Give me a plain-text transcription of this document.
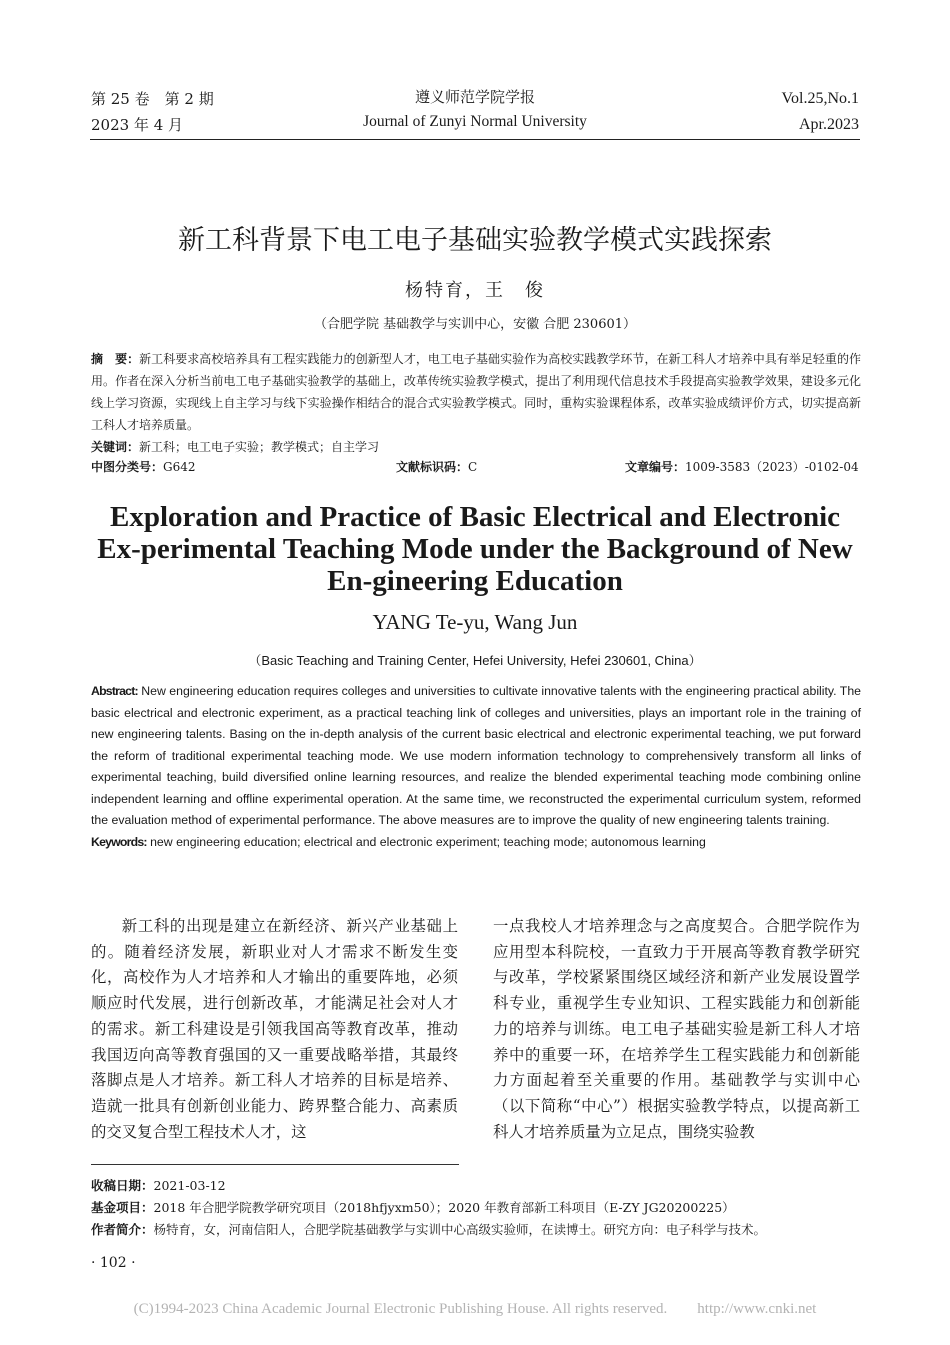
第 25 卷　第 2 期
2023 年 4 月
遵义师范学院学报
Journal of Zunyi Normal University
Vol.25,No.1
Apr.2023
新工科背景下电工电子基础实验教学模式实践探索
杨特育，王　俊
（合肥学院 基础教学与实训中心，安徽 合肥 230601）
摘　要：新工科要求高校培养具有工程实践能力的创新型人才，电工电子基础实验作为高校实践教学环节，在新工科人才培养中具有举足轻重的作用。作者在深入分析当前电工电子基础实验教学的基础上，改革传统实验教学模式，提出了利用现代信息技术手段提高实验教学效果，建设多元化线上学习资源，实现线上自主学习与线下实验操作相结合的混合式实验教学模式。同时，重构实验课程体系，改革实验成绩评价方式，切实提高新工科人才培养质量。
关键词：新工科；电工电子实验；教学模式；自主学习
中图分类号：G642	文献标识码：C	文章编号：1009-3583（2023）-0102-04
Exploration and Practice of Basic Electrical and Electronic Ex-perimental Teaching Mode under the Background of New En-gineering Education
YANG Te-yu, Wang Jun
（Basic Teaching and Training Center, Hefei University, Hefei 230601, China）
Abstract: New engineering education requires colleges and universities to cultivate innovative talents with the engineering practical ability. The basic electrical and electronic experiment, as a practical teaching link of colleges and universities, plays an important role in the training of new engineering talents. Basing on the in-depth analysis of the current basic electrical and electronic experimental teaching, we put forward the reform of traditional experimental teaching mode. We use modern information technology to comprehensively transform all links of experimental teaching, build diversified online learning resources, and realize the blended experimental teaching mode combining online independent learning and offline experimental operation. At the same time, we reconstructed the experimental curriculum system, reformed the evaluation method of experimental performance. The above measures are to improve the quality of new engineering talents training.
Keywords: new engineering education; electrical and electronic experiment; teaching mode; autonomous learning
新工科的出现是建立在新经济、新兴产业基础上的。随着经济发展，新职业对人才需求不断发生变化，高校作为人才培养和人才输出的重要阵地，必须顺应时代发展，进行创新改革，才能满足社会对人才的需求。新工科建设是引领我国高等教育改革，推动我国迈向高等教育强国的又一重要战略举措，其最终落脚点是人才培养。新工科人才培养的目标是培养、造就一批具有创新创业能力、跨界整合能力、高素质的交叉复合型工程技术人才，这
一点我校人才培养理念与之高度契合。合肥学院作为应用型本科院校，一直致力于开展高等教育教学研究与改革，学校紧紧围绕区域经济和新产业发展设置学科专业，重视学生专业知识、工程实践能力和创新能力的培养与训练。电工电子基础实验是新工科人才培养中的重要一环，在培养学生工程实践能力和创新能力方面起着至关重要的作用。基础教学与实训中心（以下简称“中心”）根据实验教学特点，以提高新工科人才培养质量为立足点，围绕实验教
收稿日期：2021-03-12
基金项目：2018 年合肥学院教学研究项目（2018hfjyxm50）；2020 年教育部新工科项目（E-ZY JG20200225）
作者简介：杨特育，女，河南信阳人，合肥学院基础教学与实训中心高级实验师，在读博士。研究方向：电子科学与技术。
· 102 ·
(C)1994-2023 China Academic Journal Electronic Publishing House. All rights reserved.　　http://www.cnki.net
